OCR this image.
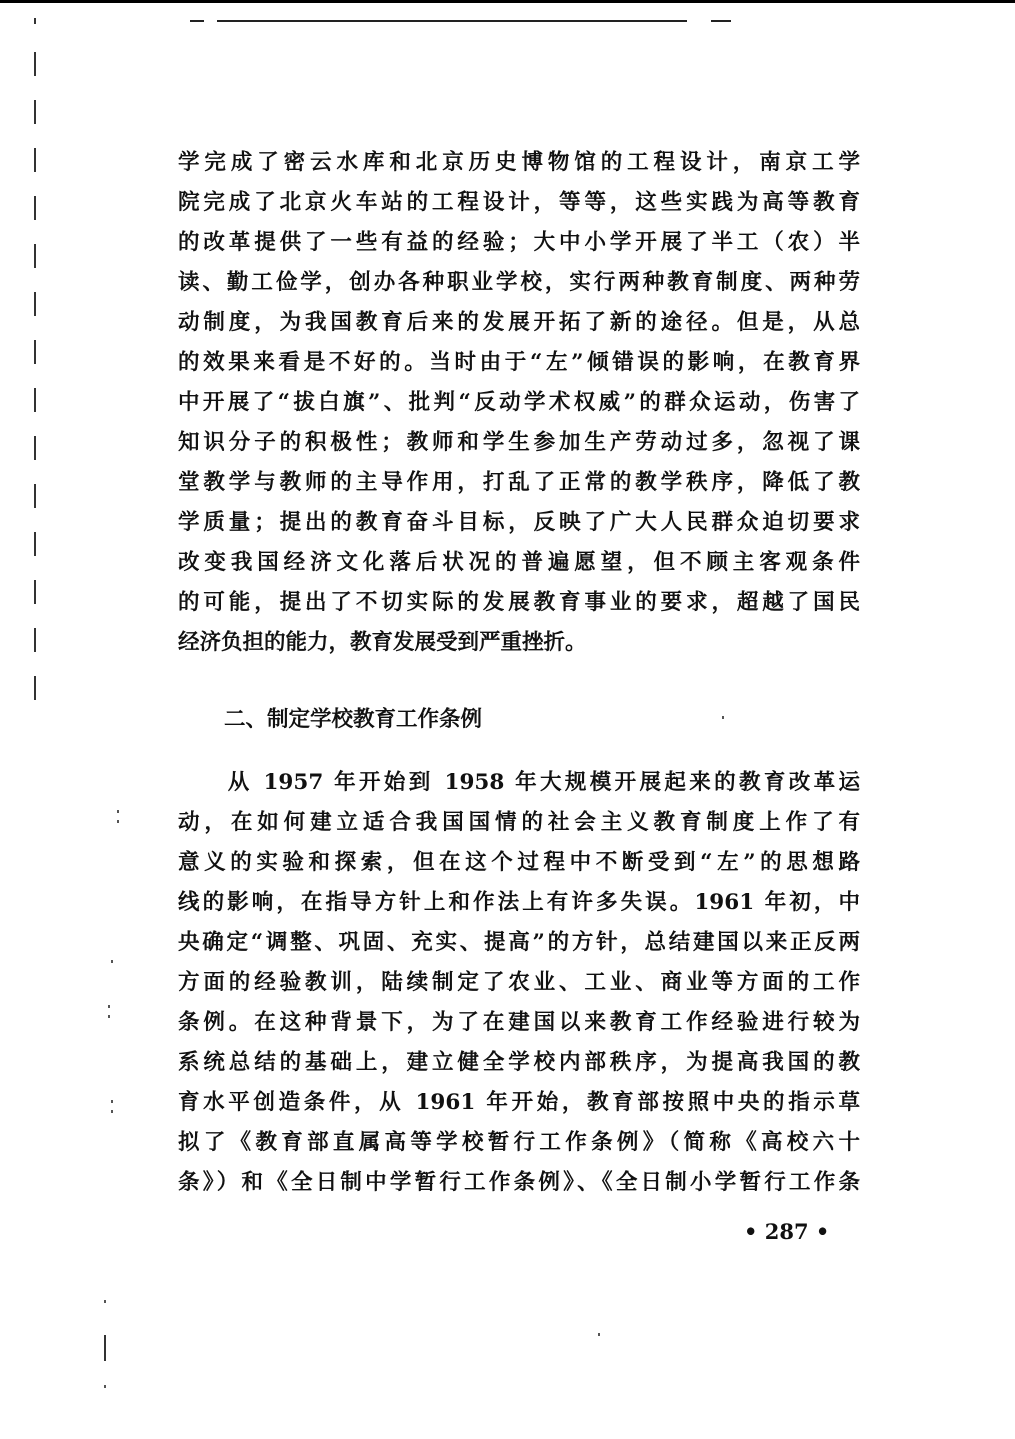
学完成了密云水库和北京历史博物馆的工程设计，南京工学
院完成了北京火车站的工程设计，等等，这些实践为高等教育
的改革提供了一些有益的经验；大中小学开展了半工（农）半
读、勤工俭学，创办各种职业学校，实行两种教育制度、两种劳
动制度，为我国教育后来的发展开拓了新的途径。但是，从总
的效果来看是不好的。当时由于“左”倾错误的影响，在教育界
中开展了“拔白旗”、批判“反动学术权威”的群众运动，伤害了
知识分子的积极性；教师和学生参加生产劳动过多，忽视了课
堂教学与教师的主导作用，打乱了正常的教学秩序，降低了教
学质量；提出的教育奋斗目标，反映了广大人民群众迫切要求
改变我国经济文化落后状况的普遍愿望，但不顾主客观条件
的可能，提出了不切实际的发展教育事业的要求，超越了国民
经济负担的能力，教育发展受到严重挫折。
二、制定学校教育工作条例
　　从 1957 年开始到 1958 年大规模开展起来的教育改革运
动，在如何建立适合我国国情的社会主义教育制度上作了有
意义的实验和探索，但在这个过程中不断受到“左”的思想路
线的影响，在指导方针上和作法上有许多失误。1961 年初，中
央确定“调整、巩固、充实、提高”的方针，总结建国以来正反两
方面的经验教训，陆续制定了农业、工业、商业等方面的工作
条例。在这种背景下，为了在建国以来教育工作经验进行较为
系统总结的基础上，建立健全学校内部秩序，为提高我国的教
育水平创造条件，从 1961 年开始，教育部按照中央的指示草
拟了《教育部直属高等学校暂行工作条例》（简称《高校六十
条》）和《全日制中学暂行工作条例》、《全日制小学暂行工作条
• 287 •
